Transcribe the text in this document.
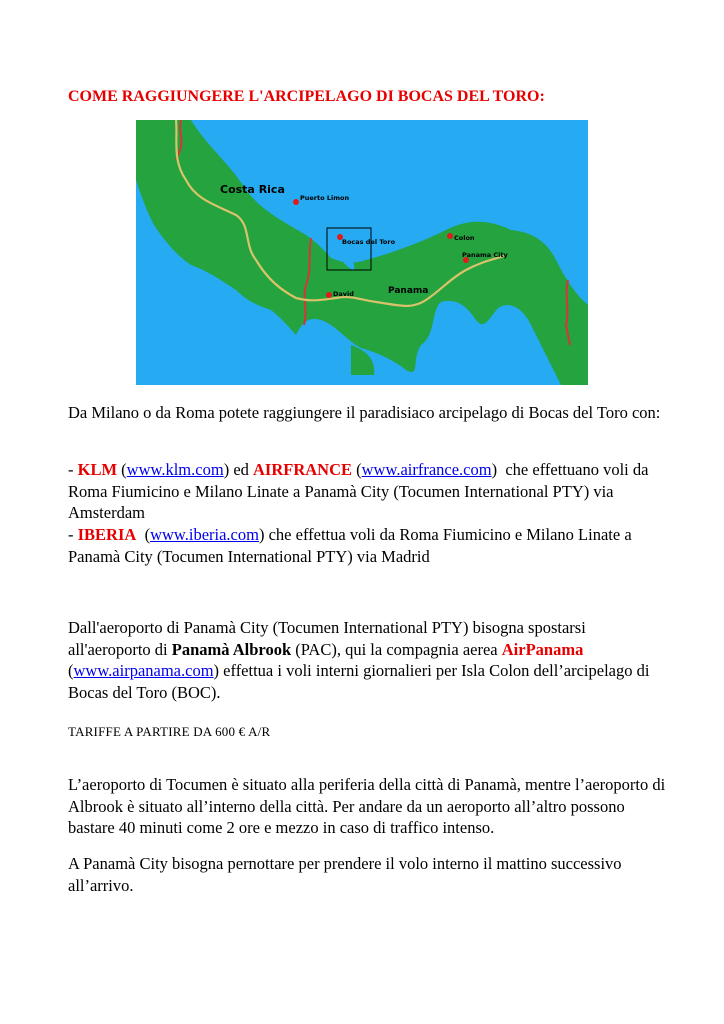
COME RAGGIUNGERE L'ARCIPELAGO DI BOCAS DEL TORO:
Costa Rica
Puerto Limon
Bocas del Toro	Colon
Panama City
David	Panama
Da Milano o da Roma potete raggiungere il paradisiaco arcipelago di Bocas del Toro con:
- KLM (www.klm.com) ed AIRFRANCE (www.airfrance.com)  che effettuano voli da Roma Fiumicino e Milano Linate a Panamà City (Tocumen International PTY) via Amsterdam
- IBERIA  (www.iberia.com) che effettua voli da Roma Fiumicino e Milano Linate a Panamà City (Tocumen International PTY) via Madrid
Dall'aeroporto di Panamà City (Tocumen International PTY) bisogna spostarsi all'aeroporto di Panamà Albrook (PAC), qui la compagnia aerea AirPanama
(www.airpanama.com) effettua i voli interni giornalieri per Isla Colon dell’arcipelago di Bocas del Toro (BOC).
TARIFFE A PARTIRE DA 600 € A/R
L’aeroporto di Tocumen è situato alla periferia della città di Panamà, mentre l’aeroporto di Albrook è situato all’interno della città. Per andare da un aeroporto all’altro possono bastare 40 minuti come 2 ore e mezzo in caso di traffico intenso.
A Panamà City bisogna pernottare per prendere il volo interno il mattino successivo all’arrivo.
